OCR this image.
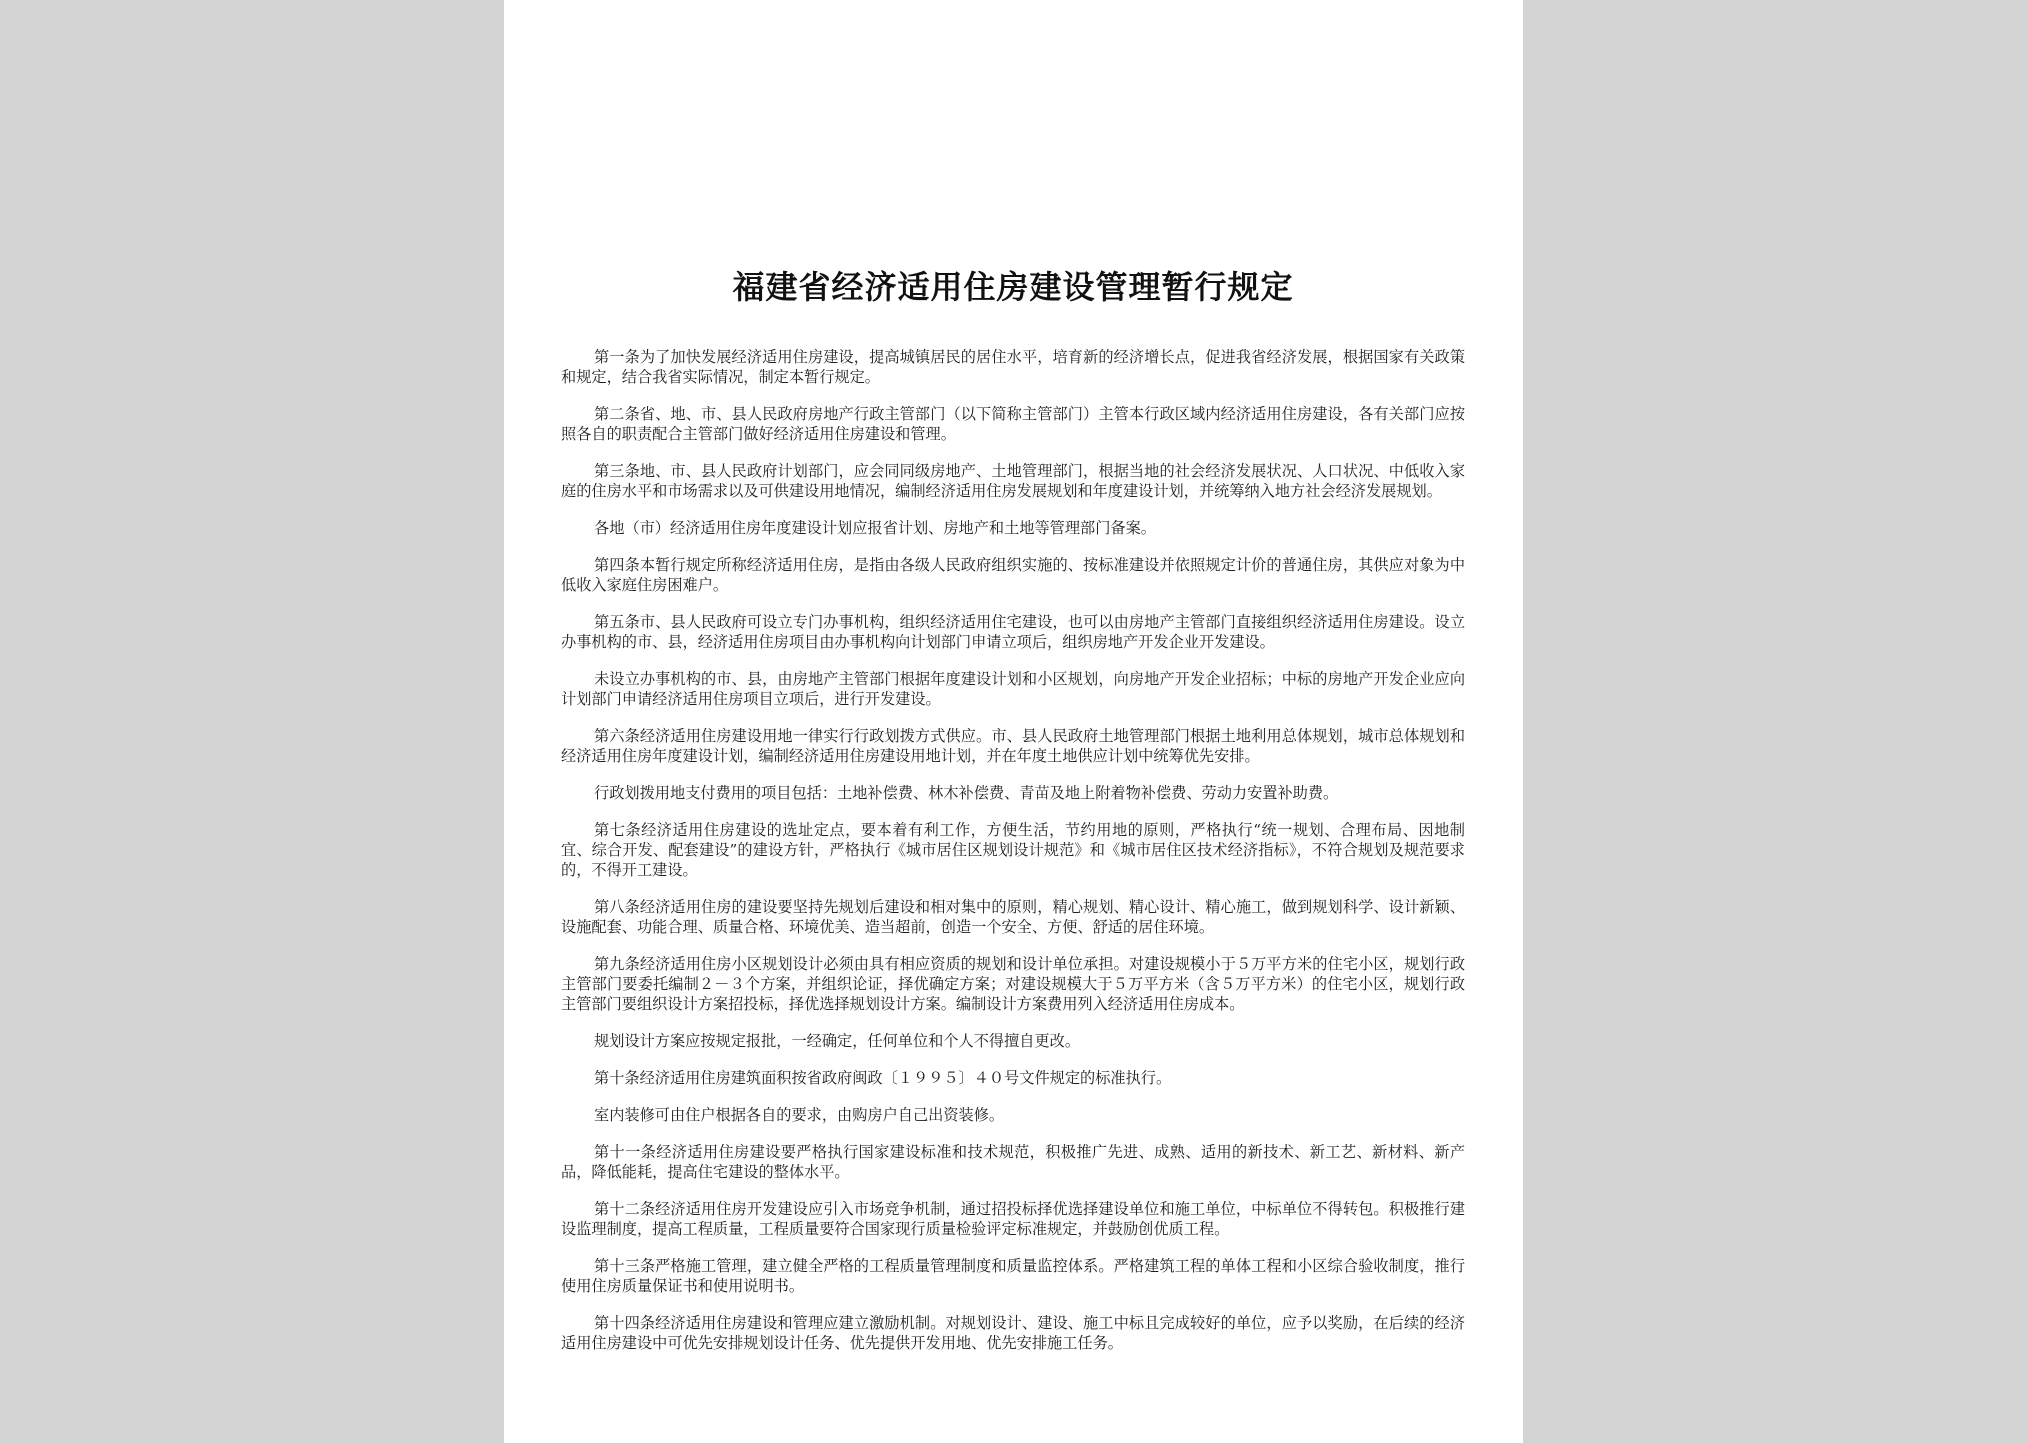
福建省经济适用住房建设管理暂行规定

第一条为了加快发展经济适用住房建设，提高城镇居民的居住水平，培育新的经济增长点，促进我省经济发展，根据国家有关政策和规定，结合我省实际情况，制定本暂行规定。

第二条省、地、市、县人民政府房地产行政主管部门（以下简称主管部门）主管本行政区域内经济适用住房建设，各有关部门应按照各自的职责配合主管部门做好经济适用住房建设和管理。

第三条地、市、县人民政府计划部门，应会同同级房地产、土地管理部门，根据当地的社会经济发展状况、人口状况、中低收入家庭的住房水平和市场需求以及可供建设用地情况，编制经济适用住房发展规划和年度建设计划，并统筹纳入地方社会经济发展规划。

各地（市）经济适用住房年度建设计划应报省计划、房地产和土地等管理部门备案。

第四条本暂行规定所称经济适用住房，是指由各级人民政府组织实施的、按标准建设并依照规定计价的普通住房，其供应对象为中低收入家庭住房困难户。

第五条市、县人民政府可设立专门办事机构，组织经济适用住宅建设，也可以由房地产主管部门直接组织经济适用住房建设。设立办事机构的市、县，经济适用住房项目由办事机构向计划部门申请立项后，组织房地产开发企业开发建设。

未设立办事机构的市、县，由房地产主管部门根据年度建设计划和小区规划，向房地产开发企业招标；中标的房地产开发企业应向计划部门申请经济适用住房项目立项后，进行开发建设。

第六条经济适用住房建设用地一律实行行政划拨方式供应。市、县人民政府土地管理部门根据土地利用总体规划，城市总体规划和经济适用住房年度建设计划，编制经济适用住房建设用地计划，并在年度土地供应计划中统筹优先安排。

行政划拨用地支付费用的项目包括：土地补偿费、林木补偿费、青苗及地上附着物补偿费、劳动力安置补助费。

第七条经济适用住房建设的选址定点，要本着有利工作，方便生活，节约用地的原则，严格执行“统一规划、合理布局、因地制宜、综合开发、配套建设”的建设方针，严格执行《城市居住区规划设计规范》和《城市居住区技术经济指标》，不符合规划及规范要求的，不得开工建设。

第八条经济适用住房的建设要坚持先规划后建设和相对集中的原则，精心规划、精心设计、精心施工，做到规划科学、设计新颖、设施配套、功能合理、质量合格、环境优美、造当超前，创造一个安全、方便、舒适的居住环境。

第九条经济适用住房小区规划设计必须由具有相应资质的规划和设计单位承担。对建设规模小于５万平方米的住宅小区，规划行政主管部门要委托编制２－３个方案，并组织论证，择优确定方案；对建设规模大于５万平方米（含５万平方米）的住宅小区，规划行政主管部门要组织设计方案招投标，择优选择规划设计方案。编制设计方案费用列入经济适用住房成本。

规划设计方案应按规定报批，一经确定，任何单位和个人不得擅自更改。

第十条经济适用住房建筑面积按省政府闽政〔１９９５〕４０号文件规定的标准执行。

室内装修可由住户根据各自的要求，由购房户自己出资装修。

第十一条经济适用住房建设要严格执行国家建设标准和技术规范，积极推广先进、成熟、适用的新技术、新工艺、新材料、新产品，降低能耗，提高住宅建设的整体水平。

第十二条经济适用住房开发建设应引入市场竞争机制，通过招投标择优选择建设单位和施工单位，中标单位不得转包。积极推行建设监理制度，提高工程质量，工程质量要符合国家现行质量检验评定标准规定，并鼓励创优质工程。

第十三条严格施工管理，建立健全严格的工程质量管理制度和质量监控体系。严格建筑工程的单体工程和小区综合验收制度，推行使用住房质量保证书和使用说明书。

第十四条经济适用住房建设和管理应建立激励机制。对规划设计、建设、施工中标且完成较好的单位，应予以奖励，在后续的经济适用住房建设中可优先安排规划设计任务、优先提供开发用地、优先安排施工任务。
